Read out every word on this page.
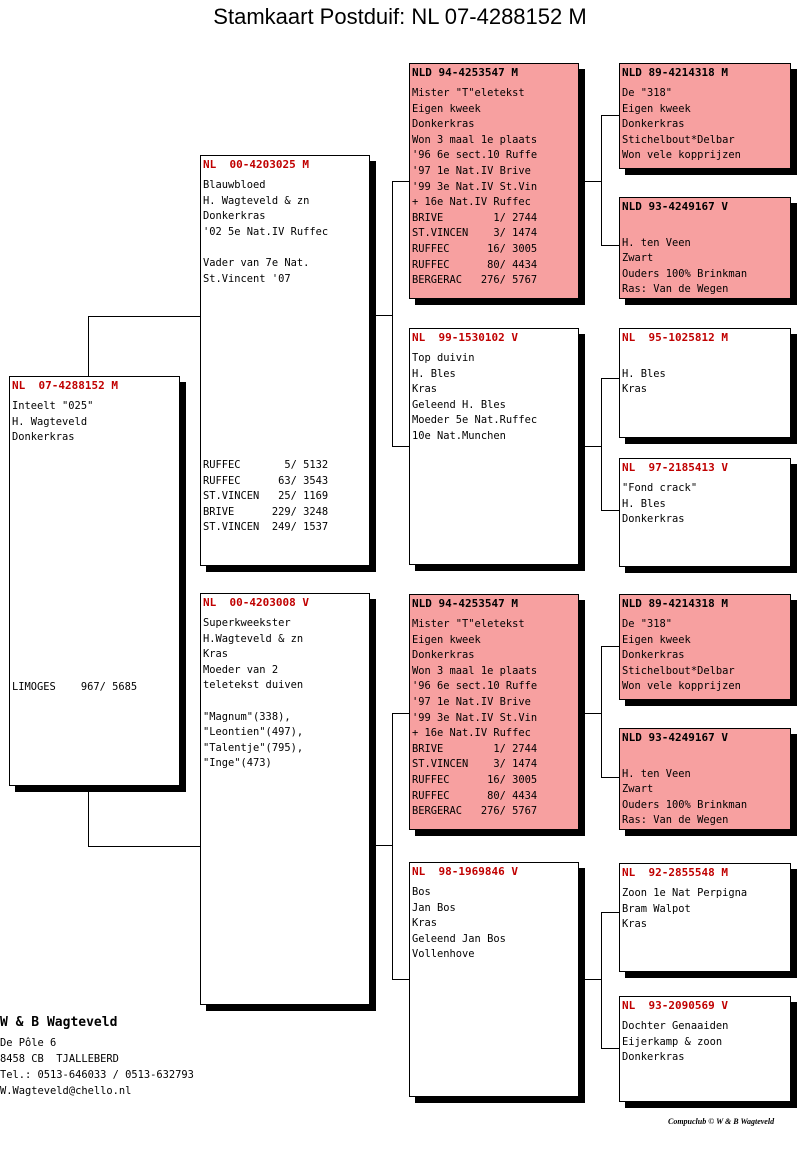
Stamkaart Postduif: NL 07-4288152 M
NL  07-4288152 M
Inteelt "025"
H. Wagteveld
Donkerkras
LIMOGES    967/ 5685
NL  00-4203025 M
Blauwbloed
H. Wagteveld & zn
Donkerkras
'02 5e Nat.IV Ruffec

Vader van 7e Nat.
St.Vincent '07
RUFFEC       5/ 5132
RUFFEC      63/ 3543
ST.VINCEN   25/ 1169
BRIVE      229/ 3248
ST.VINCEN  249/ 1537
NL  00-4203008 V
Superkweekster
H.Wagteveld & zn
Kras
Moeder van 2
teletekst duiven

"Magnum"(338),
"Leontien"(497),
"Talentje"(795),
"Inge"(473)
NLD 94-4253547 M
Mister "T"eletekst
Eigen kweek
Donkerkras
Won 3 maal 1e plaats
'96 6e sect.10 Ruffe
'97 1e Nat.IV Brive
'99 3e Nat.IV St.Vin
+ 16e Nat.IV Ruffec
BRIVE        1/ 2744
ST.VINCEN    3/ 1474
RUFFEC      16/ 3005
RUFFEC      80/ 4434
BERGERAC   276/ 5767
NL  99-1530102 V
Top duivin
H. Bles
Kras
Geleend H. Bles
Moeder 5e Nat.Ruffec
10e Nat.Munchen
NLD 94-4253547 M
Mister "T"eletekst
Eigen kweek
Donkerkras
Won 3 maal 1e plaats
'96 6e sect.10 Ruffe
'97 1e Nat.IV Brive
'99 3e Nat.IV St.Vin
+ 16e Nat.IV Ruffec
BRIVE        1/ 2744
ST.VINCEN    3/ 1474
RUFFEC      16/ 3005
RUFFEC      80/ 4434
BERGERAC   276/ 5767
NL  98-1969846 V
Bos
Jan Bos
Kras
Geleend Jan Bos
Vollenhove
NLD 89-4214318 M
De "318"
Eigen kweek
Donkerkras
Stichelbout*Delbar
Won vele kopprijzen
NLD 93-4249167 V

H. ten Veen
Zwart
Ouders 100% Brinkman
Ras: Van de Wegen
NL  95-1025812 M

H. Bles
Kras
NL  97-2185413 V
"Fond crack"
H. Bles
Donkerkras
NLD 89-4214318 M
De "318"
Eigen kweek
Donkerkras
Stichelbout*Delbar
Won vele kopprijzen
NLD 93-4249167 V

H. ten Veen
Zwart
Ouders 100% Brinkman
Ras: Van de Wegen
NL  92-2855548 M
Zoon 1e Nat Perpigna
Bram Walpot
Kras
NL  93-2090569 V
Dochter Genaaiden
Eijerkamp & zoon
Donkerkras
W & B Wagteveld
De Pôle 6
8458 CB  TJALLEBERD
Tel.: 0513-646033 / 0513-632793
W.Wagteveld@chello.nl
Compuclub © W & B Wagteveld
